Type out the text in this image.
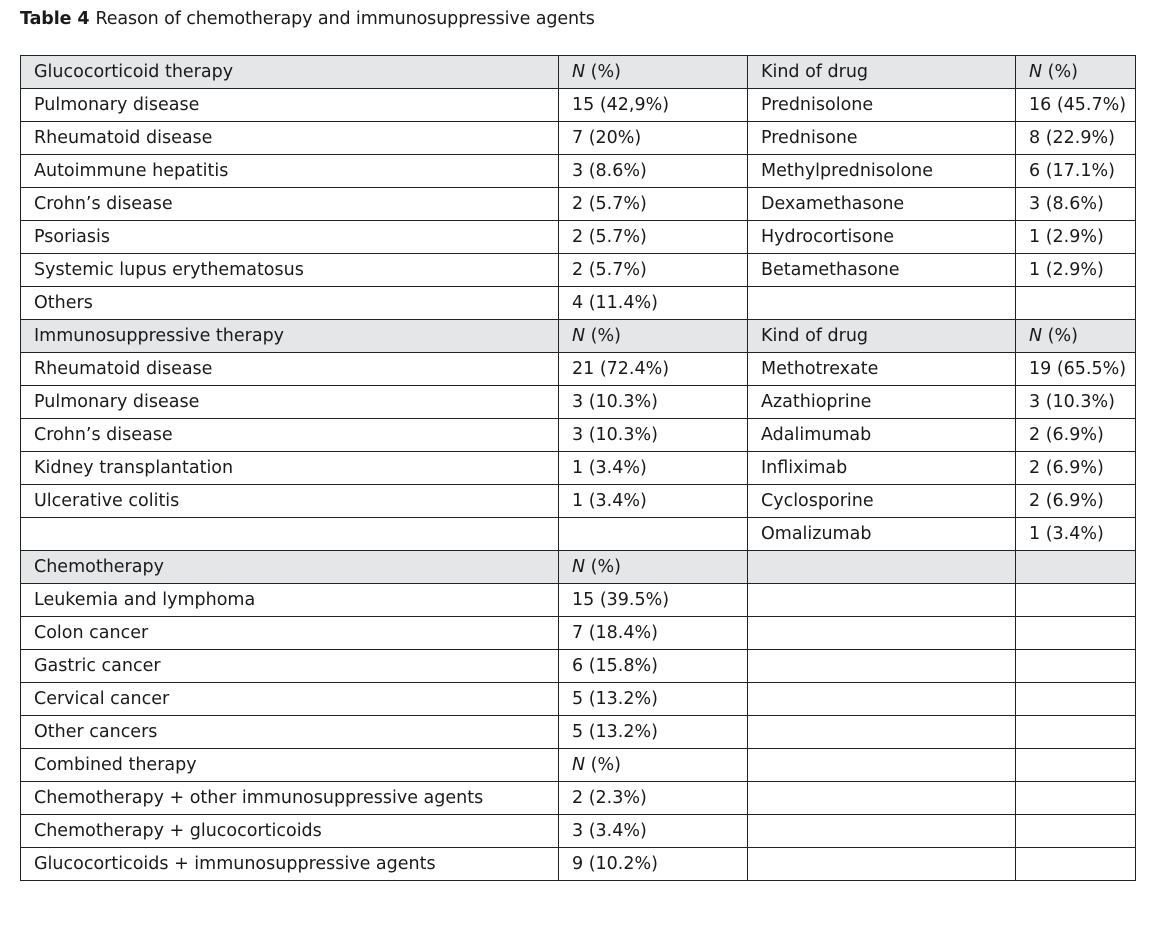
Table 4 Reason of chemotherapy and immunosuppressive agents
Glucocorticoid therapy	N (%)	Kind of drug	N (%)
Pulmonary disease	15 (42,9%)	Prednisolone	16 (45.7%)
Rheumatoid disease	7 (20%)	Prednisone	8 (22.9%)
Autoimmune hepatitis	3 (8.6%)	Methylprednisolone	6 (17.1%)
Crohn’s disease	2 (5.7%)	Dexamethasone	3 (8.6%)
Psoriasis	2 (5.7%)	Hydrocortisone	1 (2.9%)
Systemic lupus erythematosus	2 (5.7%)	Betamethasone	1 (2.9%)
Others	4 (11.4%)		
Immunosuppressive therapy	N (%)	Kind of drug	N (%)
Rheumatoid disease	21 (72.4%)	Methotrexate	19 (65.5%)
Pulmonary disease	3 (10.3%)	Azathioprine	3 (10.3%)
Crohn’s disease	3 (10.3%)	Adalimumab	2 (6.9%)
Kidney transplantation	1 (3.4%)	Infliximab	2 (6.9%)
Ulcerative colitis	1 (3.4%)	Cyclosporine	2 (6.9%)
		Omalizumab	1 (3.4%)
Chemotherapy	N (%)		
Leukemia and lymphoma	15 (39.5%)		
Colon cancer	7 (18.4%)		
Gastric cancer	6 (15.8%)		
Cervical cancer	5 (13.2%)		
Other cancers	5 (13.2%)		
Combined therapy	N (%)		
Chemotherapy + other immunosuppressive agents	2 (2.3%)		
Chemotherapy + glucocorticoids	3 (3.4%)		
Glucocorticoids + immunosuppressive agents	9 (10.2%)		
